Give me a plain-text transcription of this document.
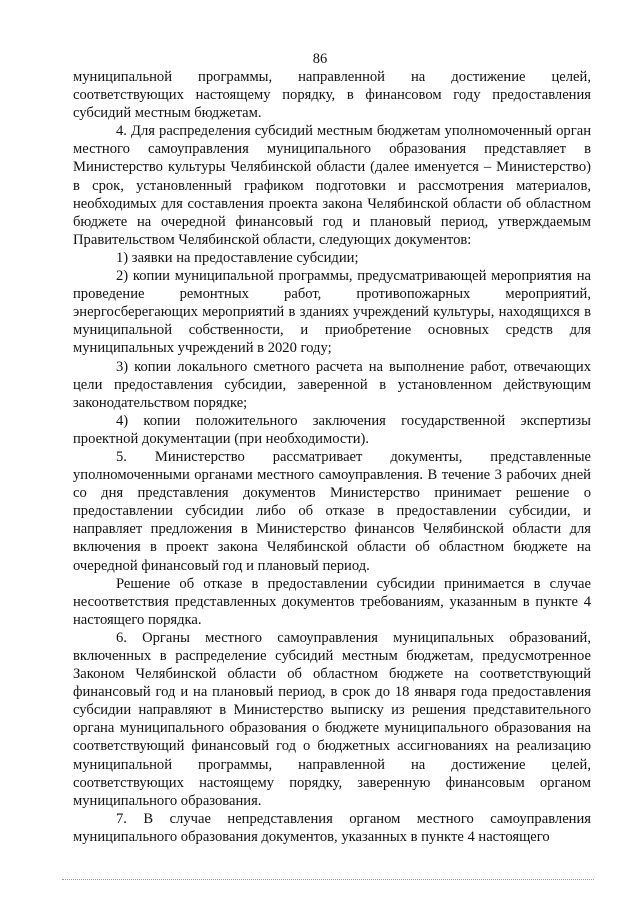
86

муниципальной программы, направленной на достижение целей, соответствующих настоящему порядку, в финансовом году предоставления субсидий местным бюджетам.

4. Для распределения субсидий местным бюджетам уполномоченный орган местного самоуправления муниципального образования представляет в Министерство культуры Челябинской области (далее именуется – Министерство) в срок, установленный графиком подготовки и рассмотрения материалов, необходимых для составления проекта закона Челябинской области об областном бюджете на очередной финансовый год и плановый период, утверждаемым Правительством Челябинской области, следующих документов:

1) заявки на предоставление субсидии;

2) копии муниципальной программы, предусматривающей мероприятия на проведение ремонтных работ, противопожарных мероприятий, энергосберегающих мероприятий в зданиях учреждений культуры, находящихся в муниципальной собственности, и приобретение основных средств для муниципальных учреждений в 2020 году;

3) копии локального сметного расчета на выполнение работ, отвечающих цели предоставления субсидии, заверенной в установленном действующим законодательством порядке;

4) копии положительного заключения государственной экспертизы проектной документации (при необходимости).

5. Министерство рассматривает документы, представленные уполномоченными органами местного самоуправления. В течение 3 рабочих дней со дня представления документов Министерство принимает решение о предоставлении субсидии либо об отказе в предоставлении субсидии, и направляет предложения в Министерство финансов Челябинской области для включения в проект закона Челябинской области об областном бюджете на очередной финансовый год и плановый период.

Решение об отказе в предоставлении субсидии принимается в случае несоответствия представленных документов требованиям, указанным в пункте 4 настоящего порядка.

6. Органы местного самоуправления муниципальных образований, включенных в распределение субсидий местным бюджетам, предусмотренное Законом Челябинской области об областном бюджете на соответствующий финансовый год и на плановый период, в срок до 18 января года предоставления субсидии направляют в Министерство выписку из решения представительного органа муниципального образования о бюджете муниципального образования на соответствующий финансовый год о бюджетных ассигнованиях на реализацию муниципальной программы, направленной на достижение целей, соответствующих настоящему порядку, заверенную финансовым органом муниципального образования.

7. В случае непредставления органом местного самоуправления муниципального образования документов, указанных в пункте 4 настоящего
